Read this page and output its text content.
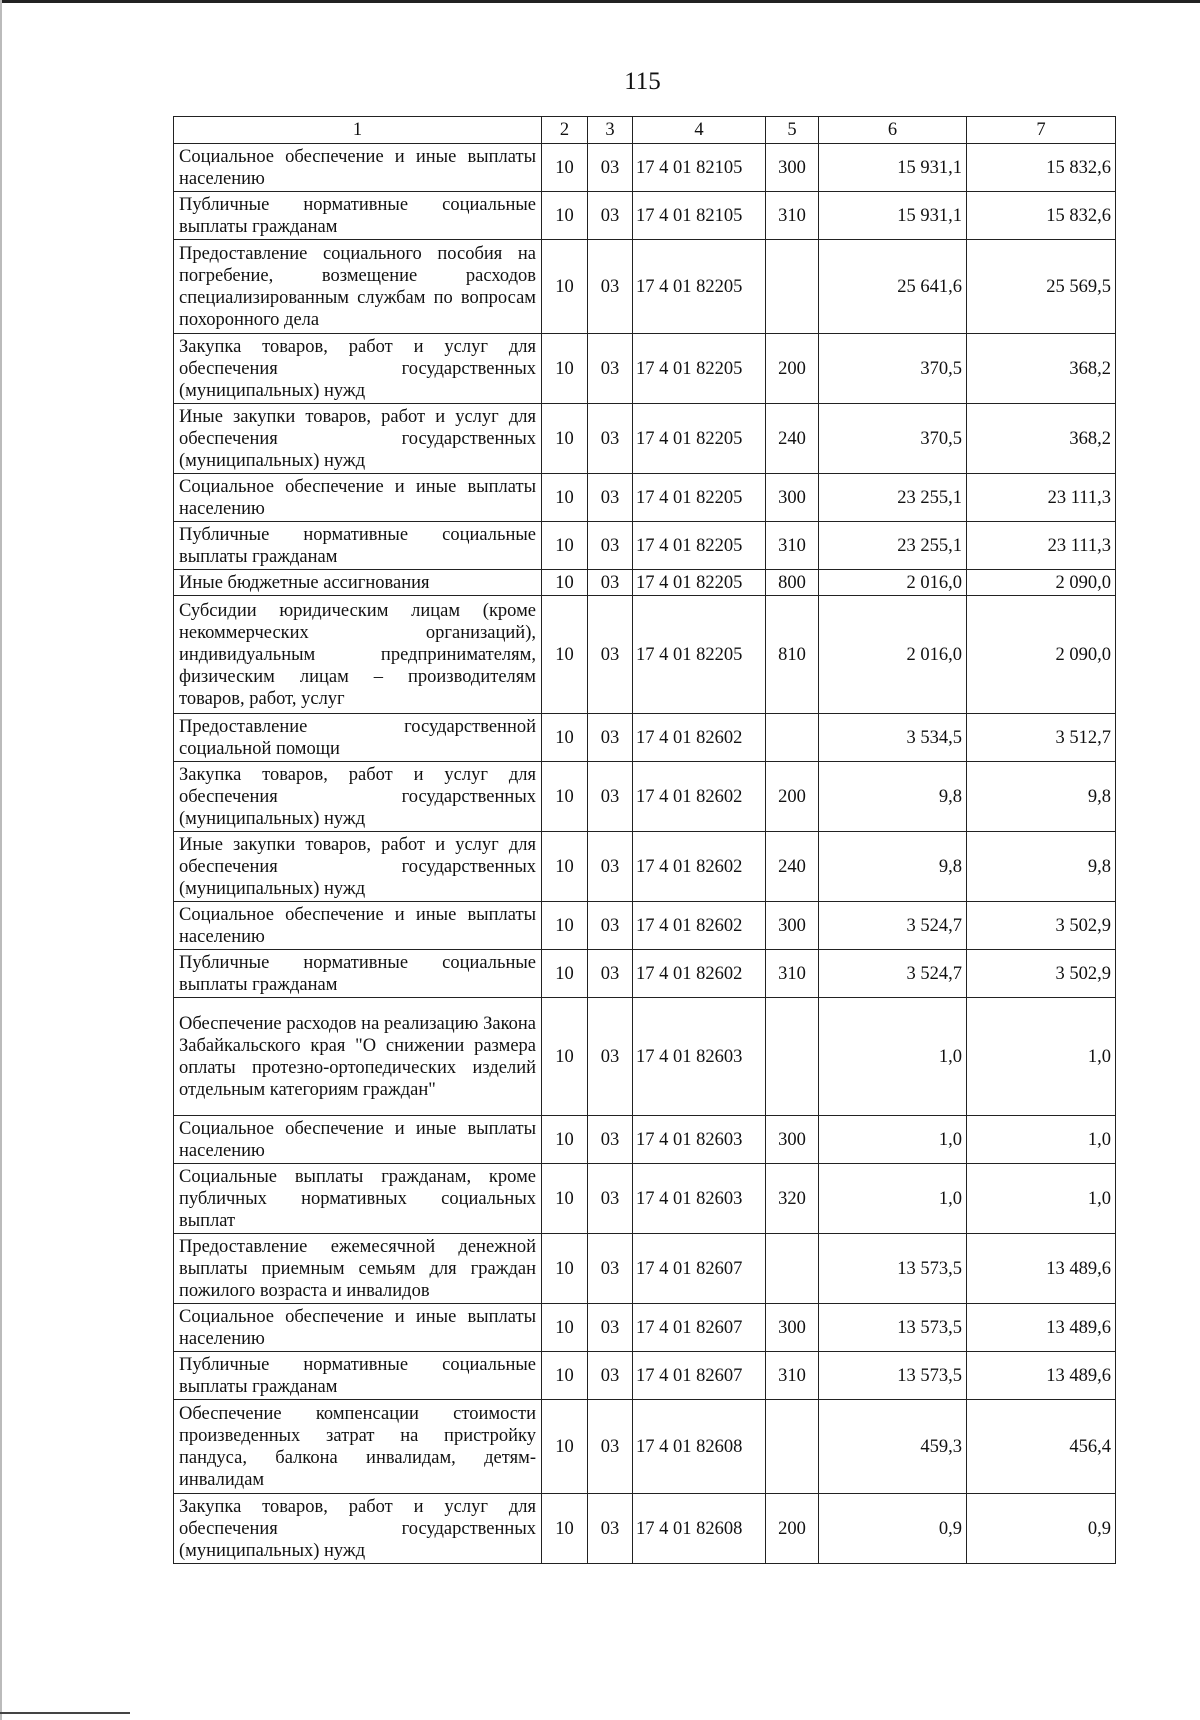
115
1	2	3	4	5	6	7
Социальное обеспечение и иные выплаты населению	10	03	17 4 01 82105	300	15 931,1	15 832,6
Публичные нормативные социальные выплаты гражданам	10	03	17 4 01 82105	310	15 931,1	15 832,6
Предоставление социального пособия на погребение, возмещение расходов специализированным службам по вопросам похоронного дела	10	03	17 4 01 82205		25 641,6	25 569,5
Закупка товаров, работ и услуг для обеспечения государственных (муниципальных) нужд	10	03	17 4 01 82205	200	370,5	368,2
Иные закупки товаров, работ и услуг для обеспечения государственных (муниципальных) нужд	10	03	17 4 01 82205	240	370,5	368,2
Социальное обеспечение и иные выплаты населению	10	03	17 4 01 82205	300	23 255,1	23 111,3
Публичные нормативные социальные выплаты гражданам	10	03	17 4 01 82205	310	23 255,1	23 111,3
Иные бюджетные ассигнования	10	03	17 4 01 82205	800	2 016,0	2 090,0
Субсидии юридическим лицам (кроме некоммерческих организаций), индивидуальным предпринимателям, физическим лицам – производителям товаров, работ, услуг	10	03	17 4 01 82205	810	2 016,0	2 090,0
Предоставление государственной социальной помощи	10	03	17 4 01 82602		3 534,5	3 512,7
Закупка товаров, работ и услуг для обеспечения государственных (муниципальных) нужд	10	03	17 4 01 82602	200	9,8	9,8
Иные закупки товаров, работ и услуг для обеспечения государственных (муниципальных) нужд	10	03	17 4 01 82602	240	9,8	9,8
Социальное обеспечение и иные выплаты населению	10	03	17 4 01 82602	300	3 524,7	3 502,9
Публичные нормативные социальные выплаты гражданам	10	03	17 4 01 82602	310	3 524,7	3 502,9
Обеспечение расходов на реализацию Закона Забайкальского края "О снижении размера оплаты протезно-ортопедических изделий отдельным категориям граждан"	10	03	17 4 01 82603		1,0	1,0
Социальное обеспечение и иные выплаты населению	10	03	17 4 01 82603	300	1,0	1,0
Социальные выплаты гражданам, кроме публичных нормативных социальных выплат	10	03	17 4 01 82603	320	1,0	1,0
Предоставление ежемесячной денежной выплаты приемным семьям для граждан пожилого возраста и инвалидов	10	03	17 4 01 82607		13 573,5	13 489,6
Социальное обеспечение и иные выплаты населению	10	03	17 4 01 82607	300	13 573,5	13 489,6
Публичные нормативные социальные выплаты гражданам	10	03	17 4 01 82607	310	13 573,5	13 489,6
Обеспечение компенсации стоимости произведенных затрат на пристройку пандуса, балкона инвалидам, детям-инвалидам	10	03	17 4 01 82608		459,3	456,4
Закупка товаров, работ и услуг для обеспечения государственных (муниципальных) нужд	10	03	17 4 01 82608	200	0,9	0,9
